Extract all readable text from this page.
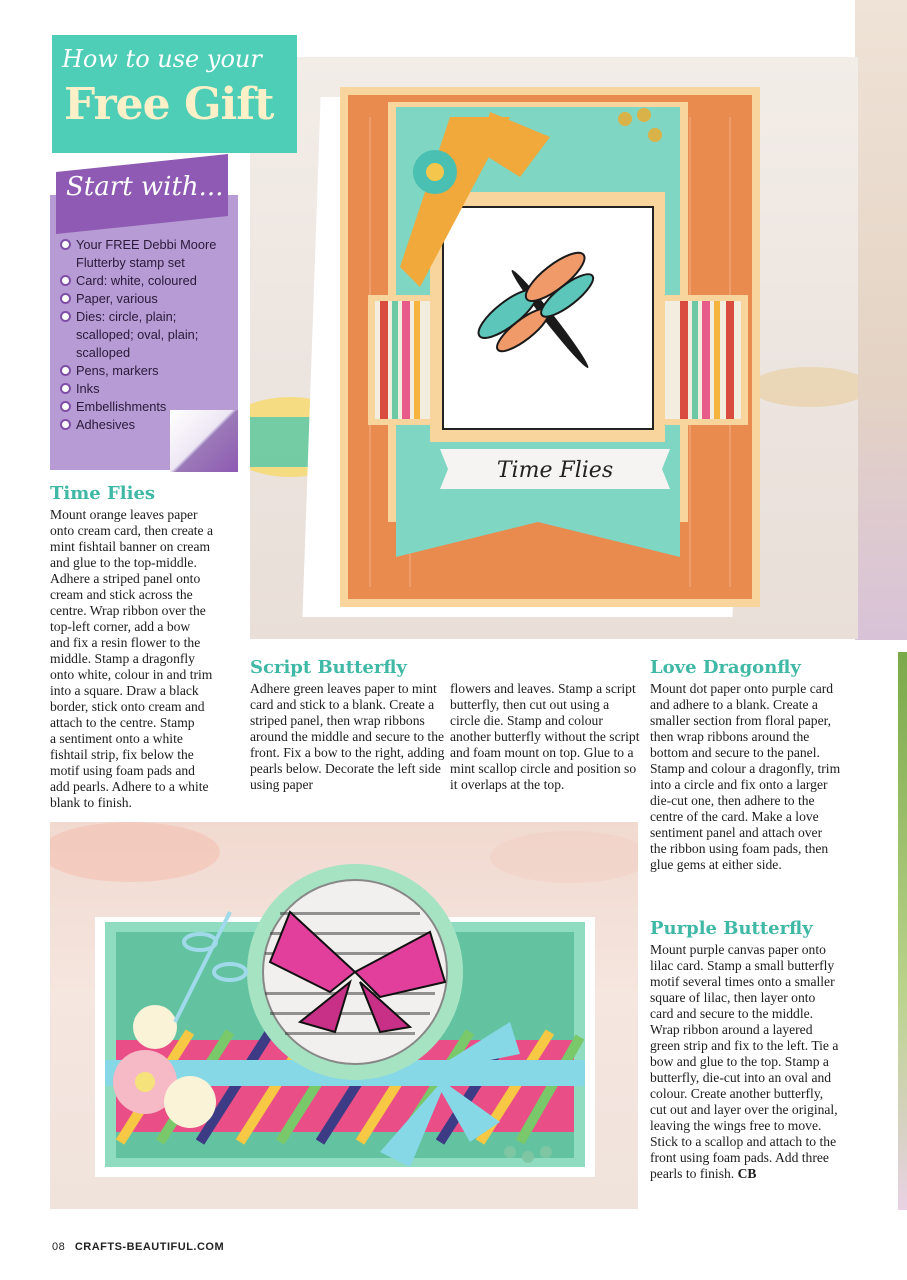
Time Flies
How to use your
Free Gift
Start with...
Your FREE Debbi Moore Flutterby stamp set
Card: white, coloured
Paper, various
Dies: circle, plain; scalloped; oval, plain; scalloped
Pens, markers
Inks
Embellishments
Adhesives
Time Flies
Mount orange leaves paper
onto cream card, then create a
mint fishtail banner on cream
and glue to the top-middle.
Adhere a striped panel onto
cream and stick across the
centre. Wrap ribbon over the
top-left corner, add a bow
and fix a resin flower to the
middle. Stamp a dragonfly
onto white, colour in and trim
into a square. Draw a black
border, stick onto cream and
attach to the centre. Stamp
a sentiment onto a white
fishtail strip, fix below the
motif using foam pads and
add pearls. Adhere to a white
blank to finish.
Script Butterfly

Adhere green leaves paper to mint card and stick to a blank. Create a striped panel, then wrap ribbons around the middle and secure to the front. Fix a bow to the right, adding pearls below. Decorate the left side using paper

flowers and leaves. Stamp a script butterfly, then cut out using a circle die. Stamp and colour another butterfly without the script and foam mount on top. Glue to a mint scallop circle and position so it overlaps at the top.

Love Dragonfly

Mount dot paper onto purple card and adhere to a blank. Create a smaller section from floral paper, then wrap ribbons around the bottom and secure to the panel. Stamp and colour a dragonfly, trim into a circle and fix onto a larger die-cut one, then adhere to the centre of the card. Make a love sentiment panel and attach over the ribbon using foam pads, then glue gems at either side.

Purple Butterfly

Mount purple canvas paper onto lilac card. Stamp a small butterfly motif several times onto a smaller square of lilac, then layer onto card and secure to the middle. Wrap ribbon around a layered green strip and fix to the left. Tie a bow and glue to the top. Stamp a butterfly, die-cut into an oval and colour. Create another butterfly, cut out and layer over the original, leaving the wings free to move. Stick to a scallop and attach to the front using foam pads. Add three pearls to finish. CB

08 CRAFTS-BEAUTIFUL.COM
